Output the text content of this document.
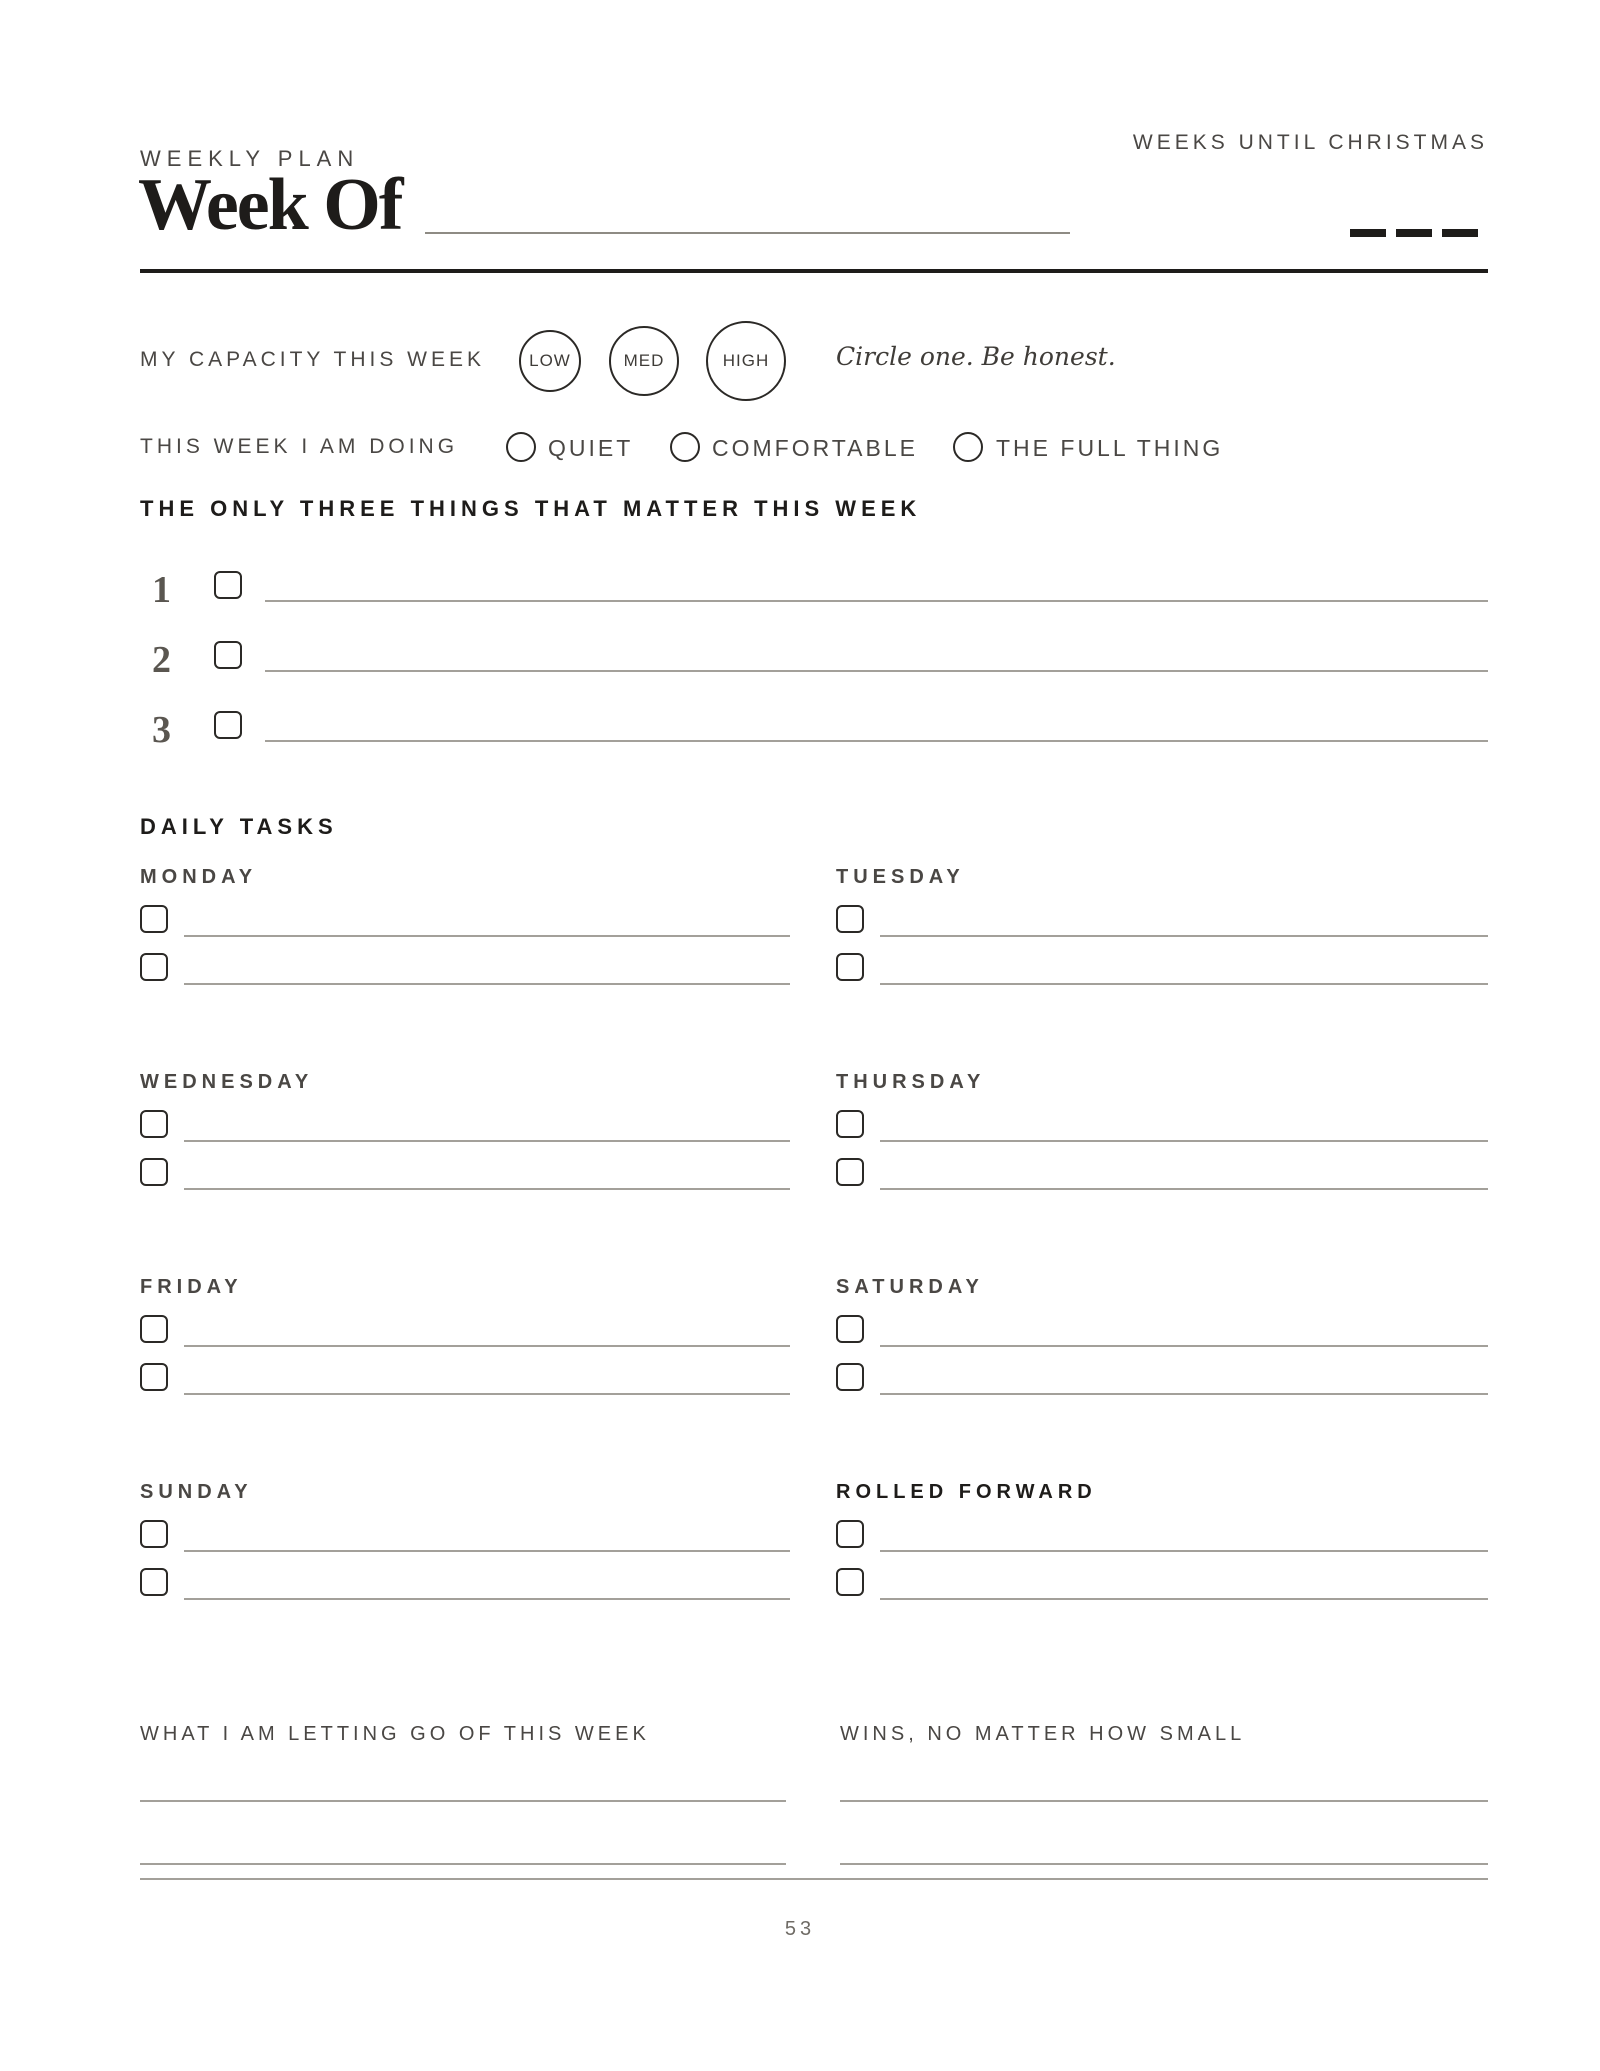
WEEKLY PLAN
Week Of
WEEKS UNTIL CHRISTMAS
MY CAPACITY THIS WEEK	LOW	MED	HIGH	Circle one. Be honest.
THIS WEEK I AM DOING	QUIET	COMFORTABLE	THE FULL THING
THE ONLY THREE THINGS THAT MATTER THIS WEEK
1
2
3
DAILY TASKS
MONDAY	TUESDAY
WEDNESDAY	THURSDAY
FRIDAY	SATURDAY
SUNDAY	ROLLED FORWARD
WHAT I AM LETTING GO OF THIS WEEK	WINS, NO MATTER HOW SMALL
53
